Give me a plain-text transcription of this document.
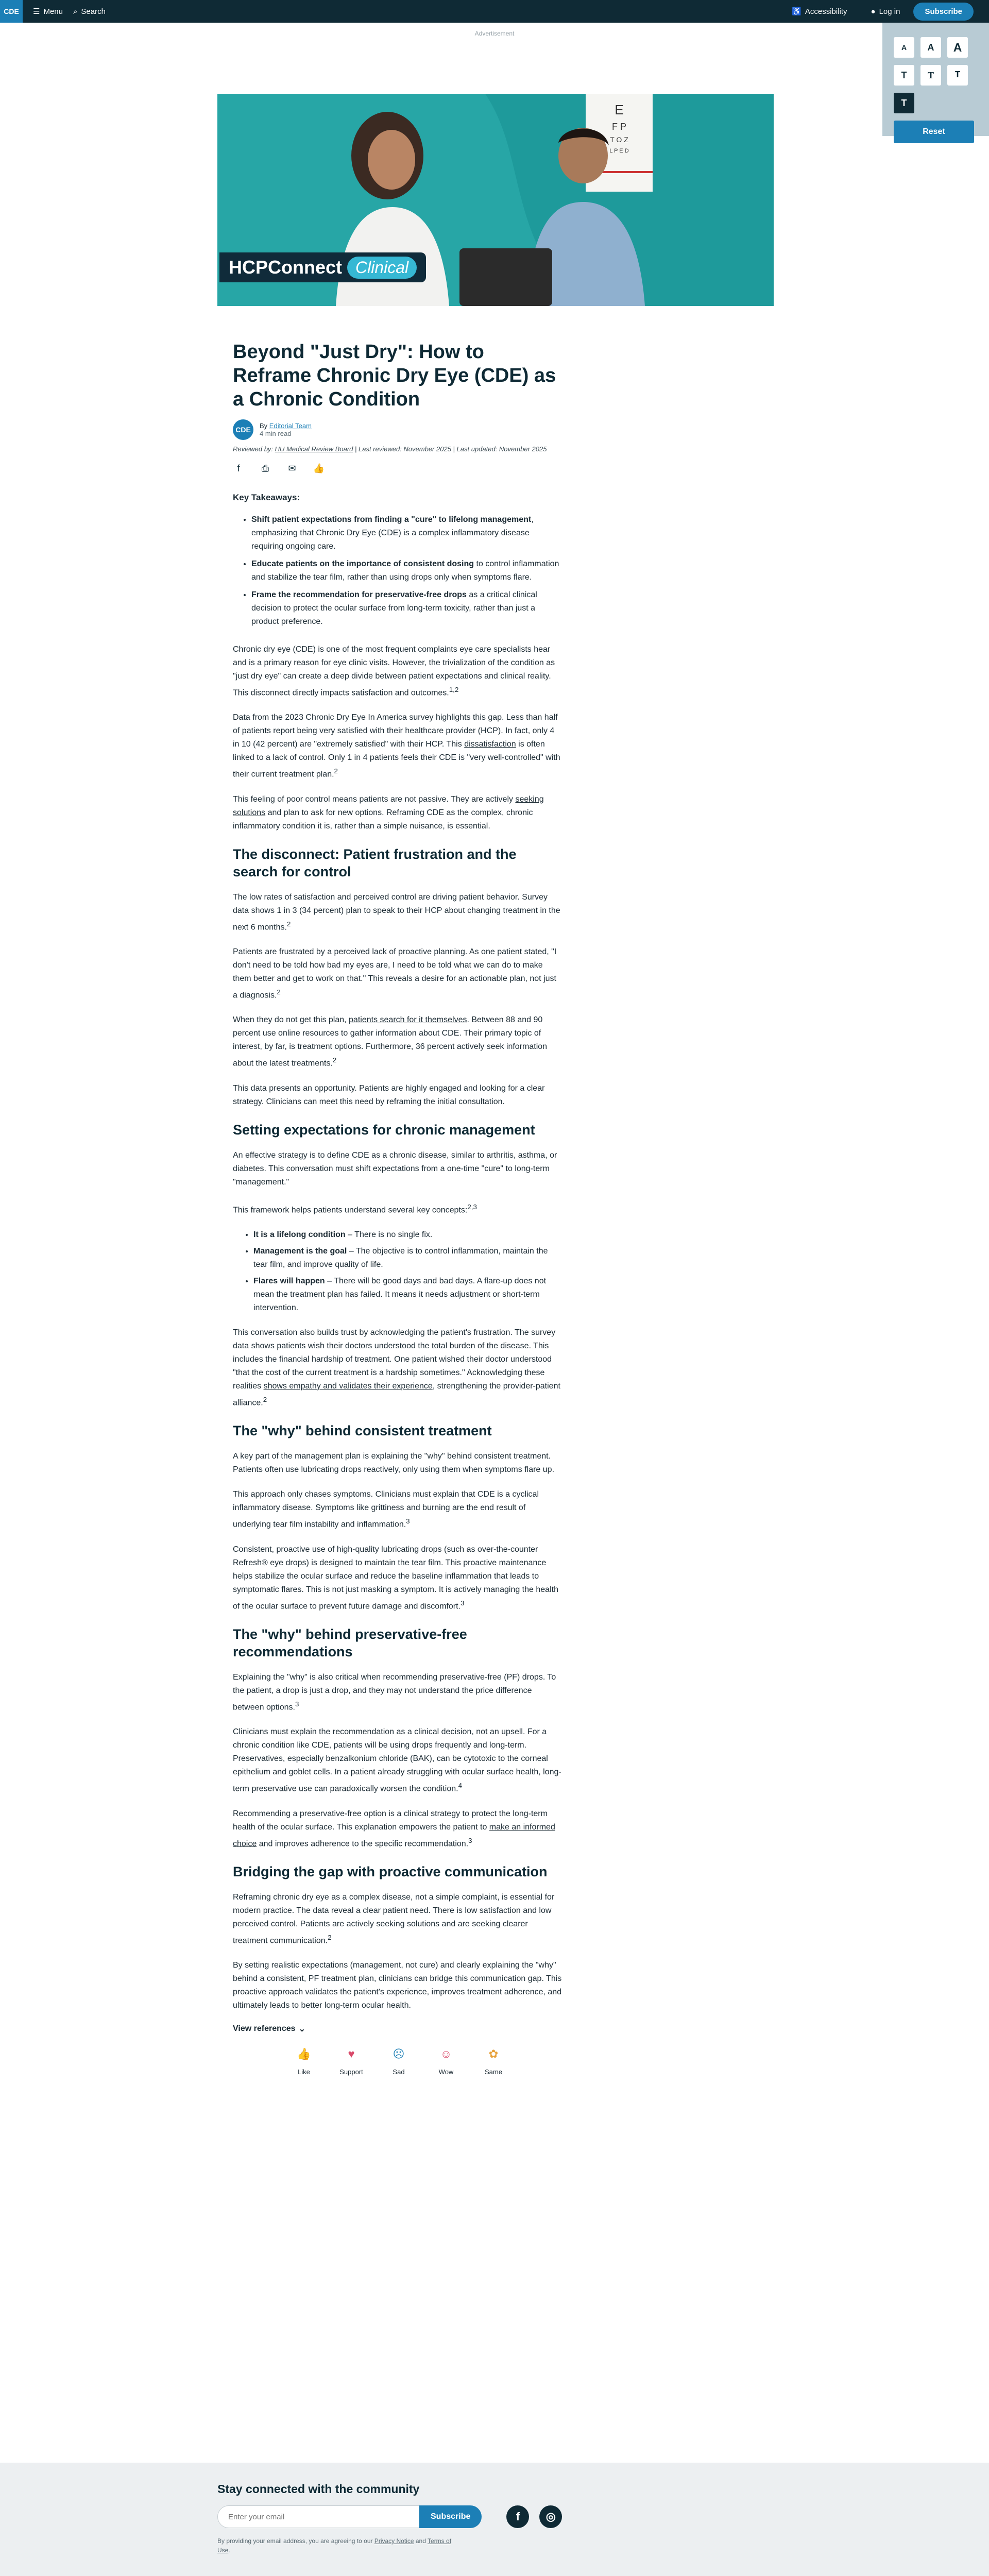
CDE	☰ Menu ⌕ Search	♿ Accessibility	● Log in	Subscribe
Advertisement
A	A	A
T	T	T
T
Reset
E
F P
T O Z
L P E D
HCPConnect Clinical
Beyond "Just Dry": How to Reframe Chronic Dry Eye (CDE) as a Chronic Condition
CDE	By Editorial Team
4 min read
Reviewed by: HU Medical Review Board | Last reviewed: November 2025 | Last updated: November 2025
f	⎙ ✉ 👍
Key Takeaways:
• Shift patient expectations from finding a "cure" to lifelong management, emphasizing that Chronic Dry Eye (CDE) is a complex inflammatory disease requiring ongoing care.
• Educate patients on the importance of consistent dosing to control inflammation and stabilize the tear film, rather than using drops only when symptoms flare.
• Frame the recommendation for preservative-free drops as a critical clinical decision to protect the ocular surface from long-term toxicity, rather than just a product preference.

Chronic dry eye (CDE) is one of the most frequent complaints eye care specialists hear and is a primary reason for eye clinic visits. However, the trivialization of the condition as "just dry eye" can create a deep divide between patient expectations and clinical reality. This disconnect directly impacts satisfaction and outcomes.$^{1,2}$

Data from the 2023 Chronic Dry Eye In America survey highlights this gap. Less than half of patients report being very satisfied with their healthcare provider (HCP). In fact, only 4 in 10 (42 percent) are "extremely satisfied" with their HCP. This dissatisfaction is often linked to a lack of control. Only 1 in 4 patients feels their CDE is "very well-controlled" with their current treatment plan.$^2$

This feeling of poor control means patients are not passive. They are actively seeking solutions and plan to ask for new options. Reframing CDE as the complex, chronic inflammatory condition it is, rather than a simple nuisance, is essential.

The disconnect: Patient frustration and the search for control

The low rates of satisfaction and perceived control are driving patient behavior. Survey data shows 1 in 3 (34 percent) plan to speak to their HCP about changing treatment in the next 6 months.$^2$

Patients are frustrated by a perceived lack of proactive planning. As one patient stated, "I don't need to be told how bad my eyes are, I need to be told what we can do to make them better and get to work on that." This reveals a desire for an actionable plan, not just a diagnosis.$^2$

When they do not get this plan, patients search for it themselves. Between 88 and 90 percent use online resources to gather information about CDE. Their primary topic of interest, by far, is treatment options. Furthermore, 36 percent actively seek information about the latest treatments.$^2$

This data presents an opportunity. Patients are highly engaged and looking for a clear strategy. Clinicians can meet this need by reframing the initial consultation.

Setting expectations for chronic management

An effective strategy is to define CDE as a chronic disease, similar to arthritis, asthma, or diabetes. This conversation must shift expectations from a one-time "cure" to long-term "management."

This framework helps patients understand several key concepts:$^{2,3}$

• It is a lifelong condition – There is no single fix.
• Management is the goal – The objective is to control inflammation, maintain the tear film, and improve quality of life.
• Flares will happen – There will be good days and bad days. A flare-up does not mean the treatment plan has failed. It means it needs adjustment or short-term intervention.

This conversation also builds trust by acknowledging the patient's frustration. The survey data shows patients wish their doctors understood the total burden of the disease. This includes the financial hardship of treatment. One patient wished their doctor understood "that the cost of the current treatment is a hardship sometimes." Acknowledging these realities shows empathy and validates their experience, strengthening the provider-patient alliance.$^2$

The "why" behind consistent treatment

A key part of the management plan is explaining the "why" behind consistent treatment. Patients often use lubricating drops reactively, only using them when symptoms flare up.

This approach only chases symptoms. Clinicians must explain that CDE is a cyclical inflammatory disease. Symptoms like grittiness and burning are the end result of underlying tear film instability and inflammation.$^3$

Consistent, proactive use of high-quality lubricating drops (such as over-the-counter Refresh® eye drops) is designed to maintain the tear film. This proactive maintenance helps stabilize the ocular surface and reduce the baseline inflammation that leads to symptomatic flares. This is not just masking a symptom. It is actively managing the health of the ocular surface to prevent future damage and discomfort.$^3$

The "why" behind preservative-free recommendations

Explaining the "why" is also critical when recommending preservative-free (PF) drops. To the patient, a drop is just a drop, and they may not understand the price difference between options.$^3$

Clinicians must explain the recommendation as a clinical decision, not an upsell. For a chronic condition like CDE, patients will be using drops frequently and long-term. Preservatives, especially benzalkonium chloride (BAK), can be cytotoxic to the corneal epithelium and goblet cells. In a patient already struggling with ocular surface health, long-term preservative use can paradoxically worsen the condition.$^4$

Recommending a preservative-free option is a clinical strategy to protect the long-term health of the ocular surface. This explanation empowers the patient to make an informed choice and improves adherence to the specific recommendation.$^3$

Bridging the gap with proactive communication

Reframing chronic dry eye as a complex disease, not a simple complaint, is essential for modern practice. The data reveal a clear patient need. There is low satisfaction and low perceived control. Patients are actively seeking solutions and are seeking clearer treatment communication.$^2$

By setting realistic expectations (management, not cure) and clearly explaining the "why" behind a consistent, PF treatment plan, clinicians can bridge this communication gap. This proactive approach validates the patient's experience, improves treatment adherence, and ultimately leads to better long-term ocular health.

View references ⌄
👍
Like
♥
Support
☹
Sad
☺
Wow
✿
Same
Stay connected with the community
Enter your email
Subscribe	f	◎
By providing your email address, you are agreeing to our Privacy Notice and Terms of Use.
